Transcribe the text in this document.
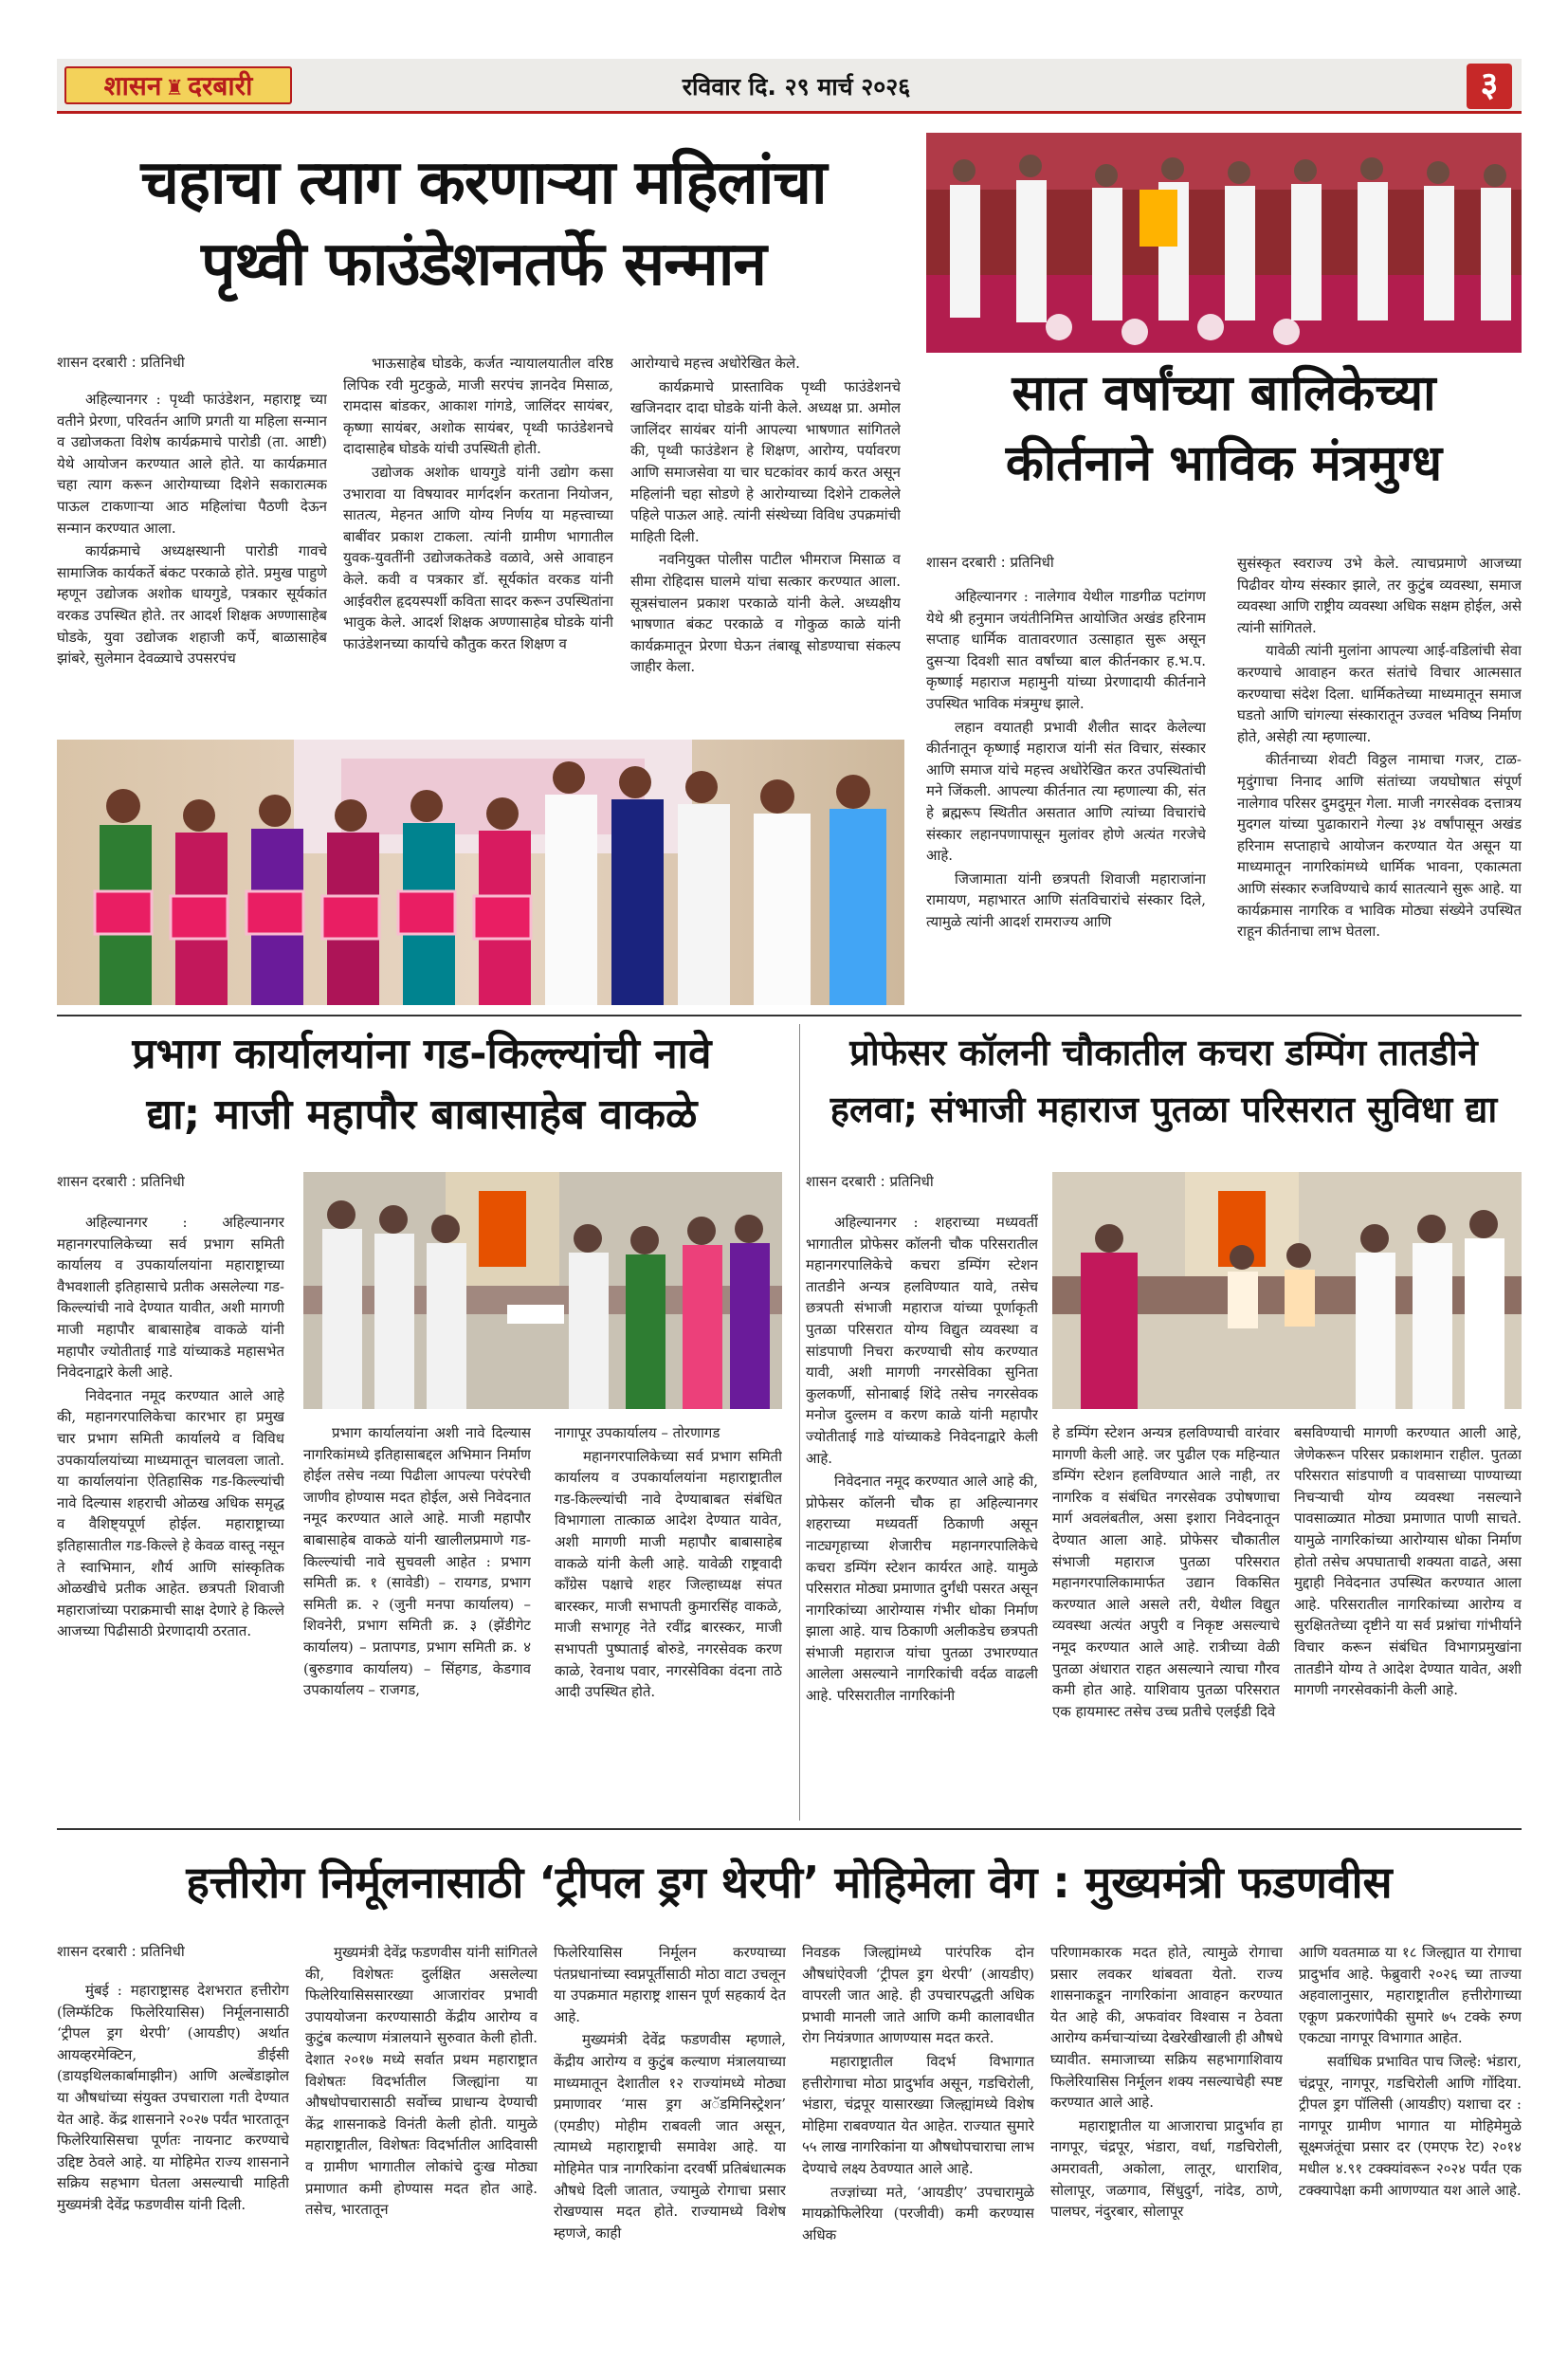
शासन ♜ दरबारी	रविवार दि. २९ मार्च २०२६	३
चहाचा त्याग करणाऱ्या महिलांचा
पृथ्वी फाउंडेशनतर्फे सन्मान
शासन दरबारी : प्रतिनिधी

अहिल्यानगर : पृथ्वी फाउंडेशन, महाराष्ट्र च्या वतीने प्रेरणा, परिवर्तन आणि प्रगती या महिला सन्मान व उद्योजकता विशेष कार्यक्रमाचे पारोडी (ता. आष्टी) येथे आयोजन करण्यात आले होते. या कार्यक्रमात चहा त्याग करून आरोग्याच्या दिशेने सकारात्मक पाऊल टाकणाऱ्या आठ महिलांचा पैठणी देऊन सन्मान करण्यात आला.

कार्यक्रमाचे अध्यक्षस्थानी पारोडी गावचे सामाजिक कार्यकर्ते बंकट परकाळे होते. प्रमुख पाहुणे म्हणून उद्योजक अशोक धायगुडे, पत्रकार सूर्यकांत वरकड उपस्थित होते. तर आदर्श शिक्षक अण्णासाहेब घोडके, युवा उद्योजक शहाजी कर्पे, बाळासाहेब झांबरे, सुलेमान देवळ्याचे उपसरपंच

भाऊसाहेब घोडके, कर्जत न्यायालयातील वरिष्ठ लिपिक रवी मुटकुळे, माजी सरपंच ज्ञानदेव मिसाळ, रामदास बांडकर, आकाश गांगडे, जालिंदर सायंबर, कृष्णा सायंबर, अशोक सायंबर, पृथ्वी फाउंडेशनचे दादासाहेब घोडके यांची उपस्थिती होती.

उद्योजक अशोक धायगुडे यांनी उद्योग कसा उभारावा या विषयावर मार्गदर्शन करताना नियोजन, सातत्य, मेहनत आणि योग्य निर्णय या महत्त्वाच्या बाबींवर प्रकाश टाकला. त्यांनी ग्रामीण भागातील युवक-युवतींनी उद्योजकतेकडे वळावे, असे आवाहन केले. कवी व पत्रकार डॉ. सूर्यकांत वरकड यांनी आईवरील हृदयस्पर्शी कविता सादर करून उपस्थितांना भावुक केले. आदर्श शिक्षक अण्णासाहेब घोडके यांनी फाउंडेशनच्या कार्याचे कौतुक करत शिक्षण व

आरोग्याचे महत्त्व अधोरेखित केले.

कार्यक्रमाचे प्रास्ताविक पृथ्वी फाउंडेशनचे खजिनदार दादा घोडके यांनी केले. अध्यक्ष प्रा. अमोल जालिंदर सायंबर यांनी आपल्या भाषणात सांगितले की, पृथ्वी फाउंडेशन हे शिक्षण, आरोग्य, पर्यावरण आणि समाजसेवा या चार घटकांवर कार्य करत असून महिलांनी चहा सोडणे हे आरोग्याच्या दिशेने टाकलेले पहिले पाऊल आहे. त्यांनी संस्थेच्या विविध उपक्रमांची माहिती दिली.

नवनियुक्त पोलीस पाटील भीमराज मिसाळ व सीमा रोहिदास घालमे यांचा सत्कार करण्यात आला. सूत्रसंचालन प्रकाश परकाळे यांनी केले. अध्यक्षीय भाषणात बंकट परकाळे व गोकुळ काळे यांनी कार्यक्रमातून प्रेरणा घेऊन तंबाखू सोडण्याचा संकल्प जाहीर केला.

सात वर्षांच्या बालिकेच्या
कीर्तनाने भाविक मंत्रमुग्ध
शासन दरबारी : प्रतिनिधी

अहिल्यानगर : नालेगाव येथील गाडगीळ पटांगण येथे श्री हनुमान जयंतीनिमित्त आयोजित अखंड हरिनाम सप्ताह धार्मिक वातावरणात उत्साहात सुरू असून दुसऱ्या दिवशी सात वर्षांच्या बाल कीर्तनकार ह.भ.प. कृष्णाई महाराज महामुनी यांच्या प्रेरणादायी कीर्तनाने उपस्थित भाविक मंत्रमुग्ध झाले.

लहान वयातही प्रभावी शैलीत सादर केलेल्या कीर्तनातून कृष्णाई महाराज यांनी संत विचार, संस्कार आणि समाज यांचे महत्त्व अधोरेखित करत उपस्थितांची मने जिंकली. आपल्या कीर्तनात त्या म्हणाल्या की, संत हे ब्रह्मरूप स्थितीत असतात आणि त्यांच्या विचारांचे संस्कार लहानपणापासून मुलांवर होणे अत्यंत गरजेचे आहे.

जिजामाता यांनी छत्रपती शिवाजी महाराजांना रामायण, महाभारत आणि संतविचारांचे संस्कार दिले, त्यामुळे त्यांनी आदर्श रामराज्य आणि

सुसंस्कृत स्वराज्य उभे केले. त्याचप्रमाणे आजच्या पिढीवर योग्य संस्कार झाले, तर कुटुंब व्यवस्था, समाज व्यवस्था आणि राष्ट्रीय व्यवस्था अधिक सक्षम होईल, असे त्यांनी सांगितले.

यावेळी त्यांनी मुलांना आपल्या आई-वडिलांची सेवा करण्याचे आवाहन करत संतांचे विचार आत्मसात करण्याचा संदेश दिला. धार्मिकतेच्या माध्यमातून समाज घडतो आणि चांगल्या संस्कारातून उज्वल भविष्य निर्माण होते, असेही त्या म्हणाल्या.

कीर्तनाच्या शेवटी विठ्ठल नामाचा गजर, टाळ-मृदुंगाचा निनाद आणि संतांच्या जयघोषात संपूर्ण नालेगाव परिसर दुमदुमून गेला. माजी नगरसेवक दत्तात्रय मुदगल यांच्या पुढाकाराने गेल्या ३४ वर्षांपासून अखंड हरिनाम सप्ताहाचे आयोजन करण्यात येत असून या माध्यमातून नागरिकांमध्ये धार्मिक भावना, एकात्मता आणि संस्कार रुजविण्याचे कार्य सातत्याने सुरू आहे. या कार्यक्रमास नागरिक व भाविक मोठ्या संख्येने उपस्थित राहून कीर्तनाचा लाभ घेतला.

प्रभाग कार्यालयांना गड-किल्ल्यांची नावे
द्या; माजी महापौर बाबासाहेब वाकळे
शासन दरबारी : प्रतिनिधी

अहिल्यानगर : अहिल्यानगर महानगरपालिकेच्या सर्व प्रभाग समिती कार्यालय व उपकार्यालयांना महाराष्ट्राच्या वैभवशाली इतिहासाचे प्रतीक असलेल्या गड-किल्ल्यांची नावे देण्यात यावीत, अशी मागणी माजी महापौर बाबासाहेब वाकळे यांनी महापौर ज्योतीताई गाडे यांच्याकडे महासभेत निवेदनाद्वारे केली आहे.

निवेदनात नमूद करण्यात आले आहे की, महानगरपालिकेचा कारभार हा प्रमुख चार प्रभाग समिती कार्यालये व विविध उपकार्यालयांच्या माध्यमातून चालवला जातो. या कार्यालयांना ऐतिहासिक गड-किल्ल्यांची नावे दिल्यास शहराची ओळख अधिक समृद्ध व वैशिष्ट्यपूर्ण होईल. महाराष्ट्राच्या इतिहासातील गड-किल्ले हे केवळ वास्तू नसून ते स्वाभिमान, शौर्य आणि सांस्कृतिक ओळखीचे प्रतीक आहेत. छत्रपती शिवाजी महाराजांच्या पराक्रमाची साक्ष देणारे हे किल्ले आजच्या पिढीसाठी प्रेरणादायी ठरतात.

प्रभाग कार्यालयांना अशी नावे दिल्यास नागरिकांमध्ये इतिहासाबद्दल अभिमान निर्माण होईल तसेच नव्या पिढीला आपल्या परंपरेची जाणीव होण्यास मदत होईल, असे निवेदनात नमूद करण्यात आले आहे. माजी महापौर बाबासाहेब वाकळे यांनी खालीलप्रमाणे गड-किल्ल्यांची नावे सुचवली आहेत : प्रभाग समिती क्र. १ (सावेडी) – रायगड, प्रभाग समिती क्र. २ (जुनी मनपा कार्यालय) – शिवनेरी, प्रभाग समिती क्र. ३ (झेंडीगेट कार्यालय) – प्रतापगड, प्रभाग समिती क्र. ४ (बुरुडगाव कार्यालय) – सिंहगड, केडगाव उपकार्यालय – राजगड,

नागापूर उपकार्यालय – तोरणागड

महानगरपालिकेच्या सर्व प्रभाग समिती कार्यालय व उपकार्यालयांना महाराष्ट्रातील गड-किल्ल्यांची नावे देण्याबाबत संबंधित विभागाला तात्काळ आदेश देण्यात यावेत, अशी मागणी माजी महापौर बाबासाहेब वाकळे यांनी केली आहे. यावेळी राष्ट्रवादी काँग्रेस पक्षाचे शहर जिल्हाध्यक्ष संपत बारस्कर, माजी सभापती कुमारसिंह वाकळे, माजी सभागृह नेते रवींद्र बारस्कर, माजी सभापती पुष्पाताई बोरुडे, नगरसेवक करण काळे, रेवनाथ पवार, नगरसेविका वंदना ताठे आदी उपस्थित होते.

प्रोफेसर कॉलनी चौकातील कचरा डम्पिंग तातडीने
हलवा; संभाजी महाराज पुतळा परिसरात सुविधा द्या
शासन दरबारी : प्रतिनिधी

अहिल्यानगर : शहराच्या मध्यवर्ती भागातील प्रोफेसर कॉलनी चौक परिसरातील महानगरपालिकेचे कचरा डम्पिंग स्टेशन तातडीने अन्यत्र हलविण्यात यावे, तसेच छत्रपती संभाजी महाराज यांच्या पूर्णाकृती पुतळा परिसरात योग्य विद्युत व्यवस्था व सांडपाणी निचरा करण्याची सोय करण्यात यावी, अशी मागणी नगरसेविका सुनिता कुलकर्णी, सोनाबाई शिंदे तसेच नगरसेवक मनोज दुल्लम व करण काळे यांनी महापौर ज्योतीताई गाडे यांच्याकडे निवेदनाद्वारे केली आहे.

निवेदनात नमूद करण्यात आले आहे की, प्रोफेसर कॉलनी चौक हा अहिल्यानगर शहराच्या मध्यवर्ती ठिकाणी असून नाट्यगृहाच्या शेजारीच महानगरपालिकेचे कचरा डम्पिंग स्टेशन कार्यरत आहे. यामुळे परिसरात मोठ्या प्रमाणात दुर्गंधी पसरत असून नागरिकांच्या आरोग्यास गंभीर धोका निर्माण झाला आहे. याच ठिकाणी अलीकडेच छत्रपती संभाजी महाराज यांचा पुतळा उभारण्यात आलेला असल्याने नागरिकांची वर्दळ वाढली आहे. परिसरातील नागरिकांनी

हे डम्पिंग स्टेशन अन्यत्र हलविण्याची वारंवार मागणी केली आहे. जर पुढील एक महिन्यात डम्पिंग स्टेशन हलविण्यात आले नाही, तर नागरिक व संबंधित नगरसेवक उपोषणाचा मार्ग अवलंबतील, असा इशारा निवेदनातून देण्यात आला आहे. प्रोफेसर चौकातील संभाजी महाराज पुतळा परिसरात महानगरपालिकामार्फत उद्यान विकसित करण्यात आले असले तरी, येथील विद्युत व्यवस्था अत्यंत अपुरी व निकृष्ट असल्याचे नमूद करण्यात आले आहे. रात्रीच्या वेळी पुतळा अंधारात राहत असल्याने त्याचा गौरव कमी होत आहे. याशिवाय पुतळा परिसरात एक हायमास्ट तसेच उच्च प्रतीचे एलईडी दिवे

बसविण्याची मागणी करण्यात आली आहे, जेणेकरून परिसर प्रकाशमान राहील. पुतळा परिसरात सांडपाणी व पावसाच्या पाण्याच्या निचऱ्याची योग्य व्यवस्था नसल्याने पावसाळ्यात मोठ्या प्रमाणात पाणी साचते. यामुळे नागरिकांच्या आरोग्यास धोका निर्माण होतो तसेच अपघाताची शक्यता वाढते, असा मुद्दाही निवेदनात उपस्थित करण्यात आला आहे. परिसरातील नागरिकांच्या आरोग्य व सुरक्षिततेच्या दृष्टीने या सर्व प्रश्नांचा गांभीर्याने विचार करून संबंधित विभागप्रमुखांना तातडीने योग्य ते आदेश देण्यात यावेत, अशी मागणी नगरसेवकांनी केली आहे.

हत्तीरोग निर्मूलनासाठी ‘ट्रीपल ड्रग थेरपी’ मोहिमेला वेग : मुख्यमंत्री फडणवीस
शासन दरबारी : प्रतिनिधी

मुंबई : महाराष्ट्रासह देशभरात हत्तीरोग (लिम्फॅटिक फिलेरियासिस) निर्मूलनासाठी ‘ट्रीपल ड्रग थेरपी’ (आयडीए) अर्थात आयव्हरमेक्टिन, डीईसी (डायइथिलकार्बामाझीन) आणि अल्बेंडाझोल या औषधांच्या संयुक्त उपचाराला गती देण्यात येत आहे. केंद्र शासनाने २०२७ पर्यंत भारतातून फिलेरियासिसचा पूर्णतः नायनाट करण्याचे उद्दिष्ट ठेवले आहे. या मोहिमेत राज्य शासनाने सक्रिय सहभाग घेतला असल्याची माहिती मुख्यमंत्री देवेंद्र फडणवीस यांनी दिली.

मुख्यमंत्री देवेंद्र फडणवीस यांनी सांगितले की, विशेषतः दुर्लक्षित असलेल्या फिलेरियासिससारख्या आजारांवर प्रभावी उपाययोजना करण्यासाठी केंद्रीय आरोग्य व कुटुंब कल्याण मंत्रालयाने सुरुवात केली होती. देशात २०१७ मध्ये सर्वात प्रथम महाराष्ट्रात विशेषतः विदर्भातील जिल्ह्यांना या औषधोपचारासाठी सर्वोच्च प्राधान्य देण्याची केंद्र शासनाकडे विनंती केली होती. यामुळे महाराष्ट्रातील, विशेषतः विदर्भातील आदिवासी व ग्रामीण भागातील लोकांचे दुःख मोठ्या प्रमाणात कमी होण्यास मदत होत आहे. तसेच, भारतातून

फिलेरियासिस निर्मूलन करण्याच्या पंतप्रधानांच्या स्वप्नपूर्तीसाठी मोठा वाटा उचलून या उपक्रमात महाराष्ट्र शासन पूर्ण सहकार्य देत आहे.

मुख्यमंत्री देवेंद्र फडणवीस म्हणाले, केंद्रीय आरोग्य व कुटुंब कल्याण मंत्रालयाच्या माध्यमातून देशातील १२ राज्यांमध्ये मोठ्या प्रमाणावर ‘मास ड्रग अॅडमिनिस्ट्रेशन’ (एमडीए) मोहीम राबवली जात असून, त्यामध्ये महाराष्ट्राची समावेश आहे. या मोहिमेत पात्र नागरिकांना दरवर्षी प्रतिबंधात्मक औषधे दिली जातात, ज्यामुळे रोगाचा प्रसार रोखण्यास मदत होते. राज्यामध्ये विशेष म्हणजे, काही

निवडक जिल्ह्यांमध्ये पारंपरिक दोन औषधांऐवजी ‘ट्रीपल ड्रग थेरपी’ (आयडीए) वापरली जात आहे. ही उपचारपद्धती अधिक प्रभावी मानली जाते आणि कमी कालावधीत रोग नियंत्रणात आणण्यास मदत करते.

महाराष्ट्रातील विदर्भ विभागात हत्तीरोगाचा मोठा प्रादुर्भाव असून, गडचिरोली, भंडारा, चंद्रपूर यासारख्या जिल्ह्यांमध्ये विशेष मोहिमा राबवण्यात येत आहेत. राज्यात सुमारे ५५ लाख नागरिकांना या औषधोपचाराचा लाभ देण्याचे लक्ष्य ठेवण्यात आले आहे.

तज्ज्ञांच्या मते, ‘आयडीए’ उपचारामुळे मायक्रोफिलेरिया (परजीवी) कमी करण्यास अधिक

परिणामकारक मदत होते, त्यामुळे रोगाचा प्रसार लवकर थांबवता येतो. राज्य शासनाकडून नागरिकांना आवाहन करण्यात येत आहे की, अफवांवर विश्वास न ठेवता आरोग्य कर्मचाऱ्यांच्या देखरेखीखाली ही औषधे घ्यावीत. समाजाच्या सक्रिय सहभागाशिवाय फिलेरियासिस निर्मूलन शक्य नसल्याचेही स्पष्ट करण्यात आले आहे.

महाराष्ट्रातील या आजाराचा प्रादुर्भाव हा नागपूर, चंद्रपूर, भंडारा, वर्धा, गडचिरोली, अमरावती, अकोला, लातूर, धाराशिव, सोलापूर, जळगाव, सिंधुदुर्ग, नांदेड, ठाणे, पालघर, नंदुरबार, सोलापूर

आणि यवतमाळ या १८ जिल्ह्यात या रोगाचा प्रादुर्भाव आहे. फेब्रुवारी २०२६ च्या ताज्या अहवालानुसार, महाराष्ट्रातील हत्तीरोगाच्या एकूण प्रकरणांपैकी सुमारे ७५ टक्के रुग्ण एकट्या नागपूर विभागात आहेत.

सर्वाधिक प्रभावित पाच जिल्हे: भंडारा, चंद्रपूर, नागपूर, गडचिरोली आणि गोंदिया. ट्रीपल ड्रग पॉलिसी (आयडीए) यशाचा दर : नागपूर ग्रामीण भागात या मोहिमेमुळे सूक्ष्मजंतूंचा प्रसार दर (एमएफ रेट) २०१४ मधील ४.९१ टक्क्यांवरून २०२४ पर्यंत एक टक्क्यापेक्षा कमी आणण्यात यश आले आहे.
